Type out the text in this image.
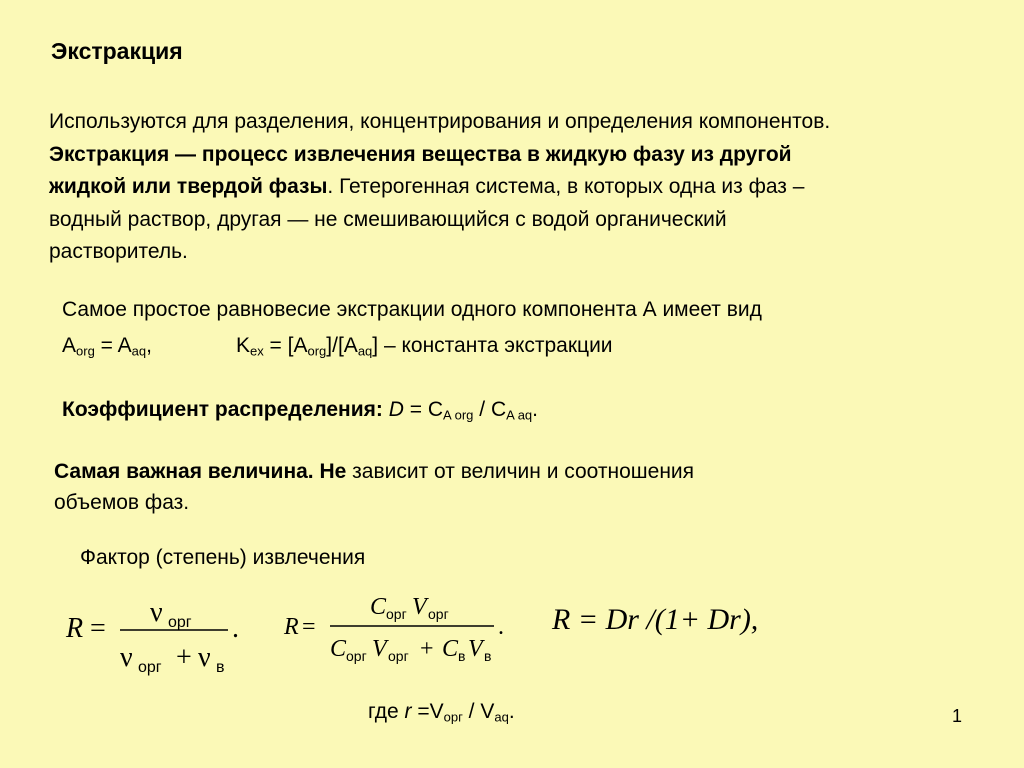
Экстракция
Используются для разделения, концентрирования и определения компонентов.
Экстракция — процесс извлечения вещества в жидкую фазу из другой
жидкой или твердой фазы. Гетерогенная система, в которых одна из фаз –
водный раствор, другая — не смешивающийся с водой органический
растворитель.
Самое простое равновесие экстракции одного компонента А имеет вид
$A_{org} = A_{aq}$,	$K_{ex} = [A_{org}]/[A_{aq}]$ – константа экстракции
Коэффициент распределения: $D = C_{A org} / C_{A aq}$.
Самая важная величина. Не зависит от величин и соотношения
объемов фаз.
Фактор (степень) извлечения
R =
ν орг
ν орг + ν в
. R =
C орг V орг
C орг V орг + C в V в
. R = Dr /(1+ Dr),
где $r =V_{орг} / V_{aq}$.	1
